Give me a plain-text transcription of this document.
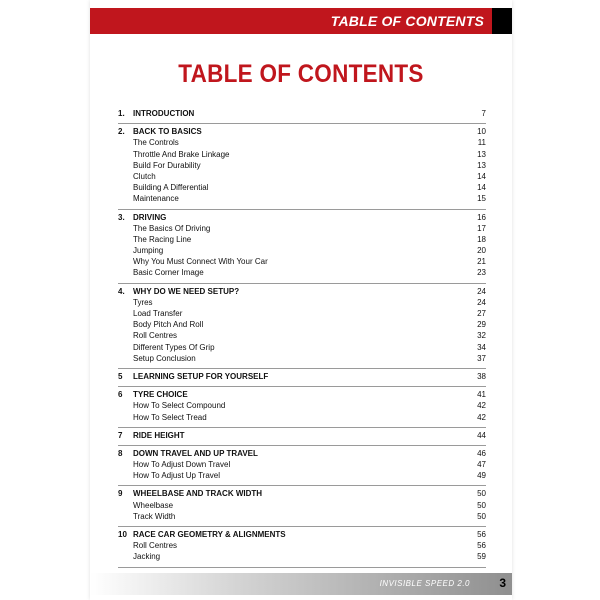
TABLE OF CONTENTS
TABLE OF CONTENTS
1. INTRODUCTION	7
2. BACK TO BASICS	10
The Controls	11
Throttle And Brake Linkage	13
Build For Durability	13
Clutch	14
Building A Differential	14
Maintenance	15
3. DRIVING	16
The Basics Of Driving	17
The Racing Line	18
Jumping	20
Why You Must Connect With Your Car	21
Basic Corner Image	23
4. WHY DO WE NEED SETUP?	24
Tyres	24
Load Transfer	27
Body Pitch And Roll	29
Roll Centres	32
Different Types Of Grip	34
Setup Conclusion	37
5 LEARNING SETUP FOR YOURSELF	38
6 TYRE CHOICE	41
How To Select Compound	42
How To Select Tread	42
7 RIDE HEIGHT	44
8 DOWN TRAVEL AND UP TRAVEL	46
How To Adjust Down Travel	47
How To Adjust Up Travel	49
9 WHEELBASE AND TRACK WIDTH	50
Wheelbase	50
Track Width	50
10 RACE CAR GEOMETRY & ALIGNMENTS	56
Roll Centres	56
Jacking	59
INVISIBLE SPEED 2.0 3
